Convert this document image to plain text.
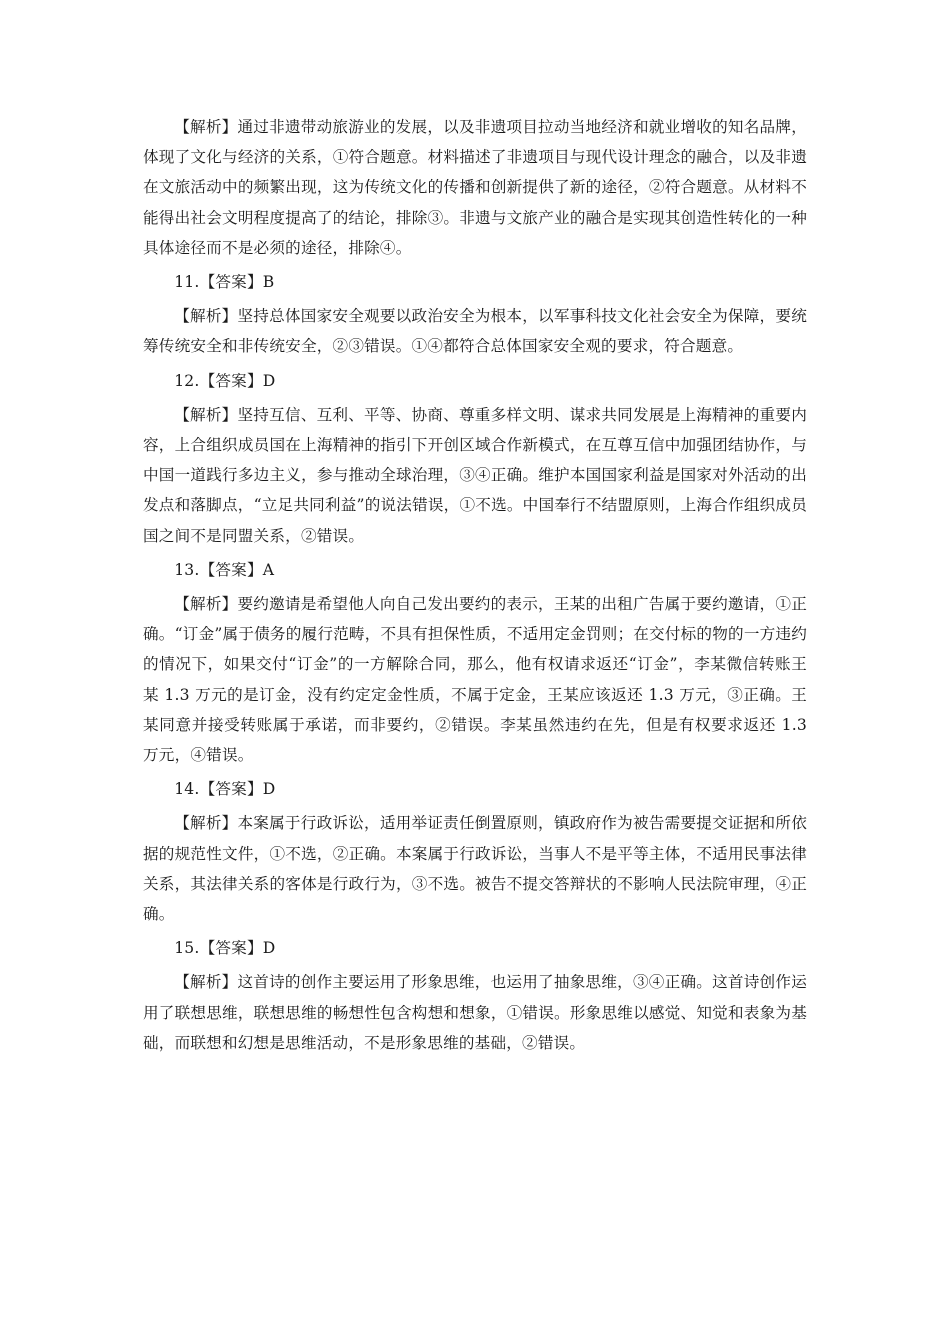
【解析】通过非遗带动旅游业的发展，以及非遗项目拉动当地经济和就业增收的知名品牌，体现了文化与经济的关系，①符合题意。材料描述了非遗项目与现代设计理念的融合，以及非遗在文旅活动中的频繁出现，这为传统文化的传播和创新提供了新的途径，②符合题意。从材料不能得出社会文明程度提高了的结论，排除③。非遗与文旅产业的融合是实现其创造性转化的一种具体途径而不是必须的途径，排除④。

11.【答案】B

【解析】坚持总体国家安全观要以政治安全为根本，以军事科技文化社会安全为保障，要统筹传统安全和非传统安全，②③错误。①④都符合总体国家安全观的要求，符合题意。

12.【答案】D

【解析】坚持互信、互利、平等、协商、尊重多样文明、谋求共同发展是上海精神的重要内容，上合组织成员国在上海精神的指引下开创区域合作新模式，在互尊互信中加强团结协作，与中国一道践行多边主义，参与推动全球治理，③④正确。维护本国国家利益是国家对外活动的出发点和落脚点，“立足共同利益”的说法错误，①不选。中国奉行不结盟原则，上海合作组织成员国之间不是同盟关系，②错误。

13.【答案】A

【解析】要约邀请是希望他人向自己发出要约的表示，王某的出租广告属于要约邀请，①正确。“订金”属于债务的履行范畴，不具有担保性质，不适用定金罚则；在交付标的物的一方违约的情况下，如果交付“订金”的一方解除合同，那么，他有权请求返还“订金”，李某微信转账王某 1.3 万元的是订金，没有约定定金性质，不属于定金，王某应该返还 1.3 万元，③正确。王某同意并接受转账属于承诺，而非要约，②错误。李某虽然违约在先，但是有权要求返还 1.3 万元，④错误。

14.【答案】D

【解析】本案属于行政诉讼，适用举证责任倒置原则，镇政府作为被告需要提交证据和所依据的规范性文件，①不选，②正确。本案属于行政诉讼，当事人不是平等主体，不适用民事法律关系，其法律关系的客体是行政行为，③不选。被告不提交答辩状的不影响人民法院审理，④正确。

15.【答案】D

【解析】这首诗的创作主要运用了形象思维，也运用了抽象思维，③④正确。这首诗创作运用了联想思维，联想思维的畅想性包含构想和想象，①错误。形象思维以感觉、知觉和表象为基础，而联想和幻想是思维活动，不是形象思维的基础，②错误。
